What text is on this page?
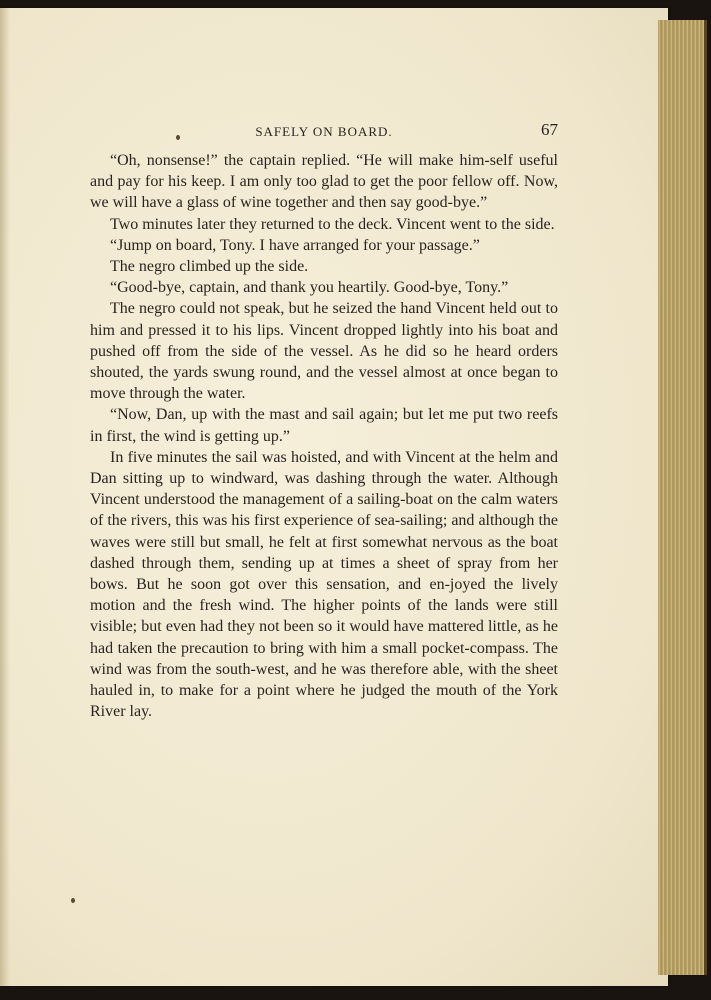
SAFELY ON BOARD.	67

“Oh, nonsense!” the captain replied. “He will make him-self useful and pay for his keep. I am only too glad to get the poor fellow off. Now, we will have a glass of wine together and then say good-bye.”

Two minutes later they returned to the deck. Vincent went to the side.

“Jump on board, Tony. I have arranged for your passage.”

The negro climbed up the side.

“Good-bye, captain, and thank you heartily. Good-bye, Tony.”

The negro could not speak, but he seized the hand Vincent held out to him and pressed it to his lips. Vincent dropped lightly into his boat and pushed off from the side of the vessel. As he did so he heard orders shouted, the yards swung round, and the vessel almost at once began to move through the water.

“Now, Dan, up with the mast and sail again; but let me put two reefs in first, the wind is getting up.”

In five minutes the sail was hoisted, and with Vincent at the helm and Dan sitting up to windward, was dashing through the water. Although Vincent understood the management of a sailing-boat on the calm waters of the rivers, this was his first experience of sea-sailing; and although the waves were still but small, he felt at first somewhat nervous as the boat dashed through them, sending up at times a sheet of spray from her bows. But he soon got over this sensation, and en-joyed the lively motion and the fresh wind. The higher points of the lands were still visible; but even had they not been so it would have mattered little, as he had taken the precaution to bring with him a small pocket-compass. The wind was from the south-west, and he was therefore able, with the sheet hauled in, to make for a point where he judged the mouth of the York River lay.
